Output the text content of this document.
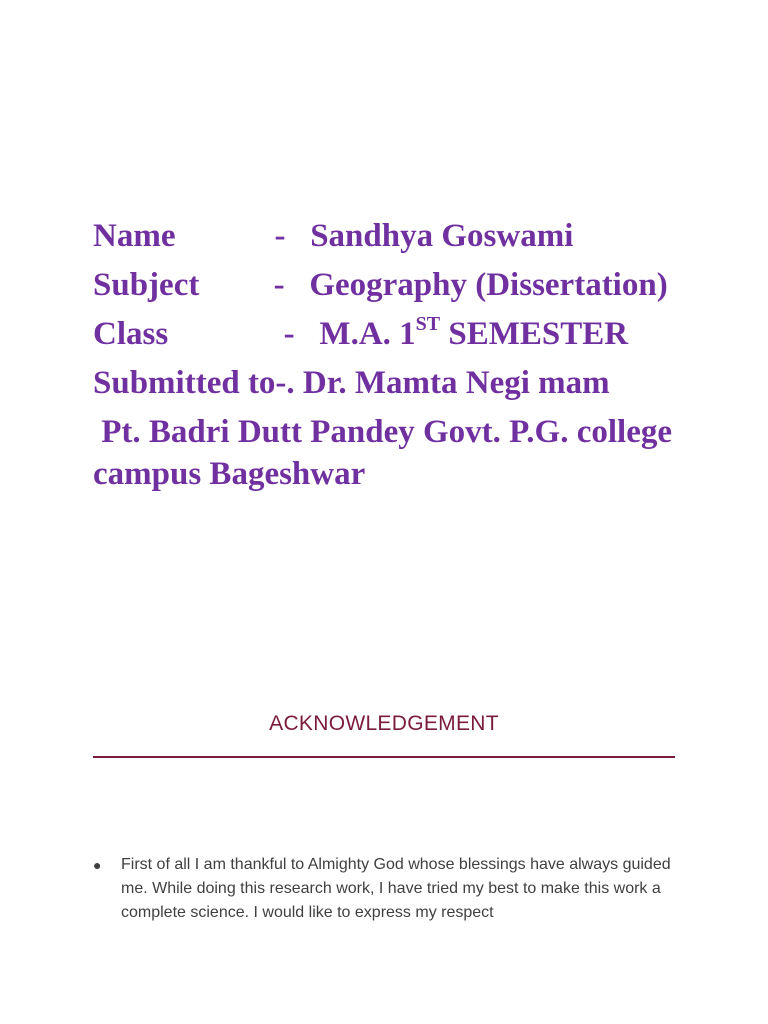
Name            -   Sandhya Goswami

Subject         -   Geography (Dissertation)

Class              -   M.A. 1ST SEMESTER

Submitted to-. Dr. Mamta Negi mam

Pt. Badri Dutt Pandey Govt. P.G. college campus Bageshwar

ACKNOWLEDGEMENT
●	First of all I am thankful to Almighty God whose blessings have always guided me. While doing this research work, I have tried my best to make this work a complete science. I would like to express my respect
